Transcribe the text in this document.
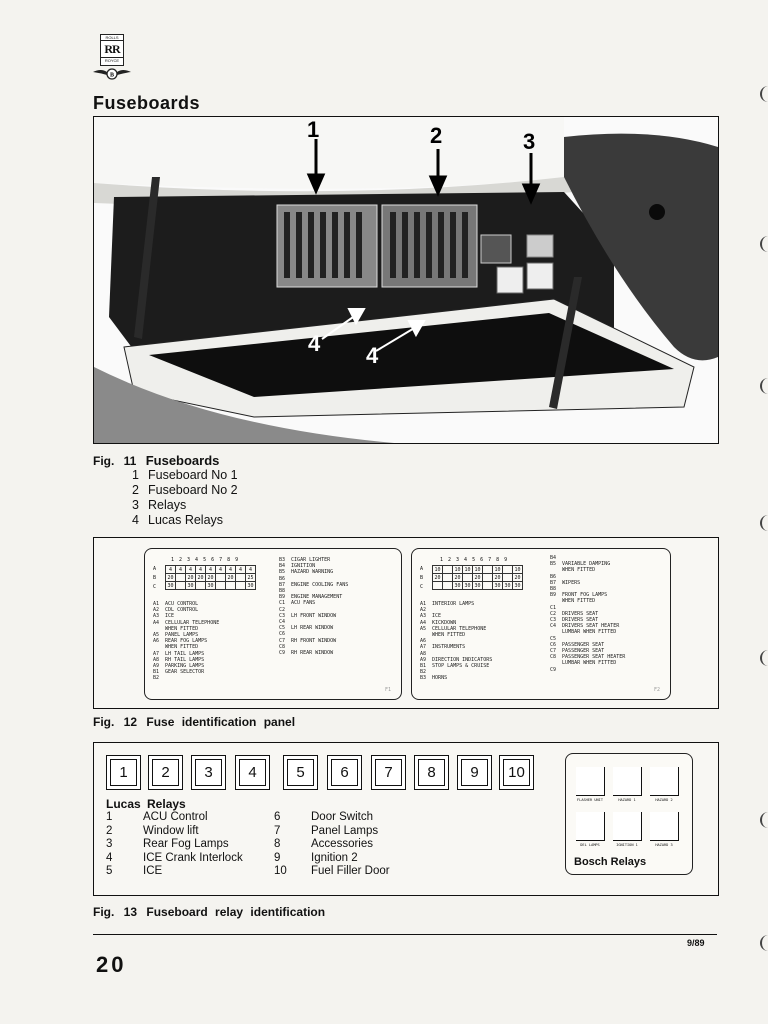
ROLLS
RR
ROYCE
B
Fuseboards
1	2	3
4 4
Fig. 11 Fuseboards
1 Fuseboard No 1
2 Fuseboard No 2
3 Relays
4 Lucas Relays
1 2 3 4 5 6 7 8 9
A
B
C
4	4	4	4	4	4	4	4	4
20		20	20	20		20		25
30		30		30				30
A1  ACU CONTROL
A2  CDL CONTROL
A3  ICE
A4  CELLULAR TELEPHONE
WHEN FITTED
A5  PANEL LAMPS
A6  REAR FOG LAMPS
WHEN FITTED
A7  LH TAIL LAMPS
A8  RH TAIL LAMPS
A9  PARKING LAMPS
B1  GEAR SELECTOR
B2
B3  CIGAR LIGHTER
B4  IGNITION
B5  HAZARD WARNING
B6
B7  ENGINE COOLING FANS
B8
B9  ENGINE MANAGEMENT
C1  ACU FANS
C2
C3  LH FRONT WINDOW
C4
C5  LH REAR WINDOW
C6
C7  RH FRONT WINDOW
C8
C9  RH REAR WINDOW
F1
1 2 3 4 5 6 7 8 9
A
B
C
10		10	10	10		10		10
20		20		20		20		20
		30	30	30		30	30	30
A1  INTERIOR LAMPS
A2
A3  ICE
A4  KICKDOWN
A5  CELLULAR TELEPHONE
WHEN FITTED
A6
A7  INSTRUMENTS
A8
A9  DIRECTION INDICATORS
B1  STOP LAMPS & CRUISE
B2
B3  HORNS
B4
B5  VARIABLE DAMPING
WHEN FITTED
B6
B7  WIPERS
B8
B9  FRONT FOG LAMPS
WHEN FITTED
C1
C2  DRIVERS SEAT
C3  DRIVERS SEAT
C4  DRIVERS SEAT HEATER
LUMBAR WHEN FITTED
C5
C6  PASSENGER SEAT
C7  PASSENGER SEAT
C8  PASSENGER SEAT HEATER
LUMBAR WHEN FITTED
C9
F2
Fig. 12 Fuse identification panel
1	2	3	4	5	6	7	8	9	10
Lucas Relays
1	ACU Control
2	Window lift
3	Rear Fog Lamps
4	ICE Crank Interlock
5	ICE
6	Door Switch
7	Panel Lamps
8	Accessories
9	Ignition 2
10 Fuel Filler Door
FLASHER UNIT	HAZARD 1	HAZARD 2
DEL LAMPS	IGNITION 1	HAZARD 3
Bosch Relays
Fig. 13 Fuseboard relay identification
9/89
20
